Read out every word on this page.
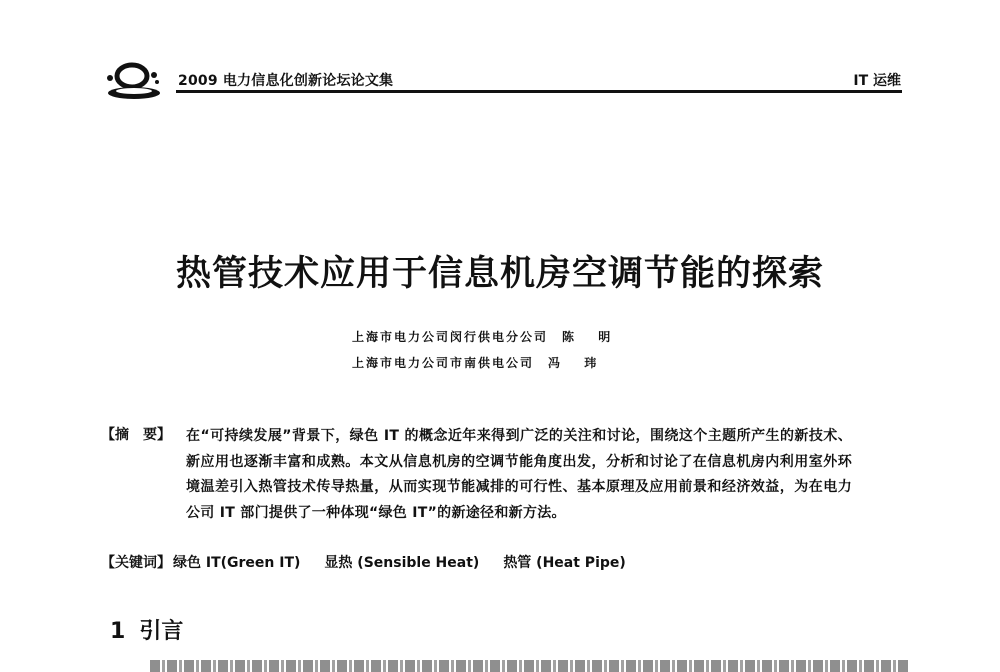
2009 电力信息化创新论坛论文集	IT 运维
热管技术应用于信息机房空调节能的探索
上海市电力公司闵行供电分公司 陈 明
上海市电力公司市南供电公司 冯 玮
【摘　要】 在“可持续发展”背景下，绿色 IT 的概念近年来得到广泛的关注和讨论，围绕这个主题所产生的新技术、新应用也逐渐丰富和成熟。本文从信息机房的空调节能角度出发，分析和讨论了在信息机房内利用室外环境温差引入热管技术传导热量，从而实现节能减排的可行性、基本原理及应用前景和经济效益，为在电力公司 IT 部门提供了一种体现“绿色 IT”的新途径和新方法。
【关键词】 绿色 IT(Green IT) 显热 (Sensible Heat) 热管 (Heat Pipe)
1 引言
